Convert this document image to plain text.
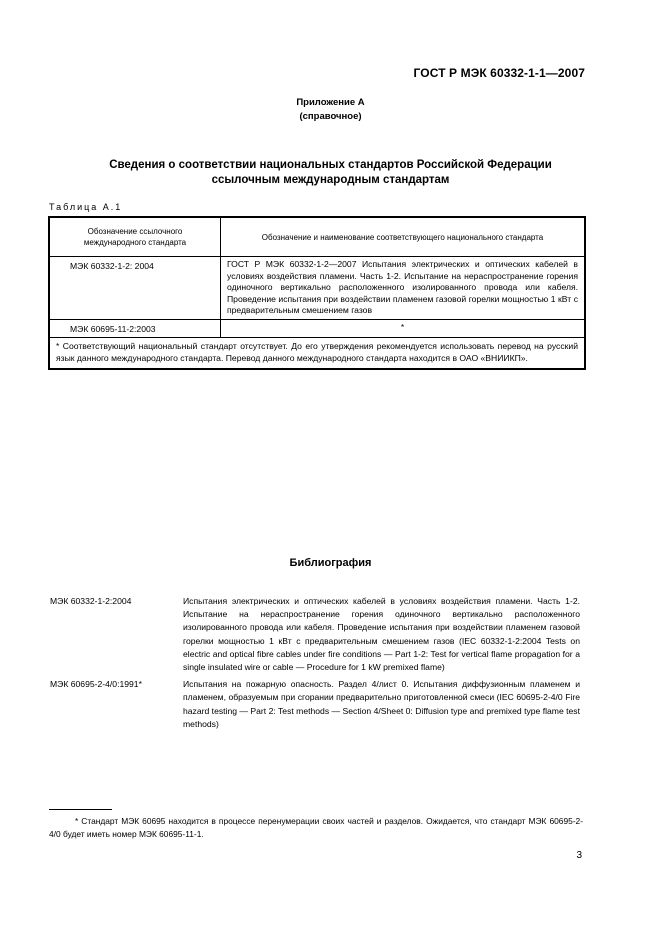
ГОСТ Р МЭК 60332-1-1—2007
Приложение А
(справочное)
Сведения о соответствии национальных стандартов Российской Федерации
ссылочным международным стандартам
Таблица А.1
Обозначение ссылочного международного стандарта	Обозначение и наименование соответствующего национального стандарта
МЭК 60332-1-2: 2004	ГОСТ Р МЭК 60332-1-2—2007 Испытания электрических и оптических кабелей в условиях воздействия пламени. Часть 1-2. Испытание на нераспространение горения одиночного вертикально расположенного изолированного провода или кабеля. Проведение испытания при воздействии пламенем газовой горелки мощностью 1 кВт с предварительным смешением газов
МЭК 60695-11-2:2003	*
* Соответствующий национальный стандарт отсутствует. До его утверждения рекомендуется использовать перевод на русский язык данного международного стандарта. Перевод данного международного стандарта находится в ОАО «ВНИИКП».	
Библиография
МЭК 60332-1-2:2004	Испытания электрических и оптических кабелей в условиях воздействия пламени. Часть 1-2. Испытание на нераспространение горения одиночного вертикально расположенного изолированного провода или кабеля. Проведение испытания при воздействии пламенем газовой горелки мощностью 1 кВт с предварительным смешением газов (IEC 60332-1-2:2004 Tests on electric and optical fibre cables under fire conditions — Part 1-2: Test for vertical flame propagation for a single insulated wire or cable — Procedure for 1 kW premixed flame)
МЭК 60695-2-4/0:1991*	Испытания на пожарную опасность. Раздел 4/лист 0. Испытания диффузионным пламенем и пламенем, образуемым при сгорании предварительно приготовленной смеси (IEC 60695-2-4/0 Fire hazard testing — Part 2: Test methods — Section 4/Sheet 0: Diffusion type and premixed type flame test methods)
* Стандарт МЭК 60695 находится в процессе перенумерации своих частей и разделов. Ожидается, что стандарт МЭК 60695-2-4/0 будет иметь номер МЭК 60695-11-1.
3
